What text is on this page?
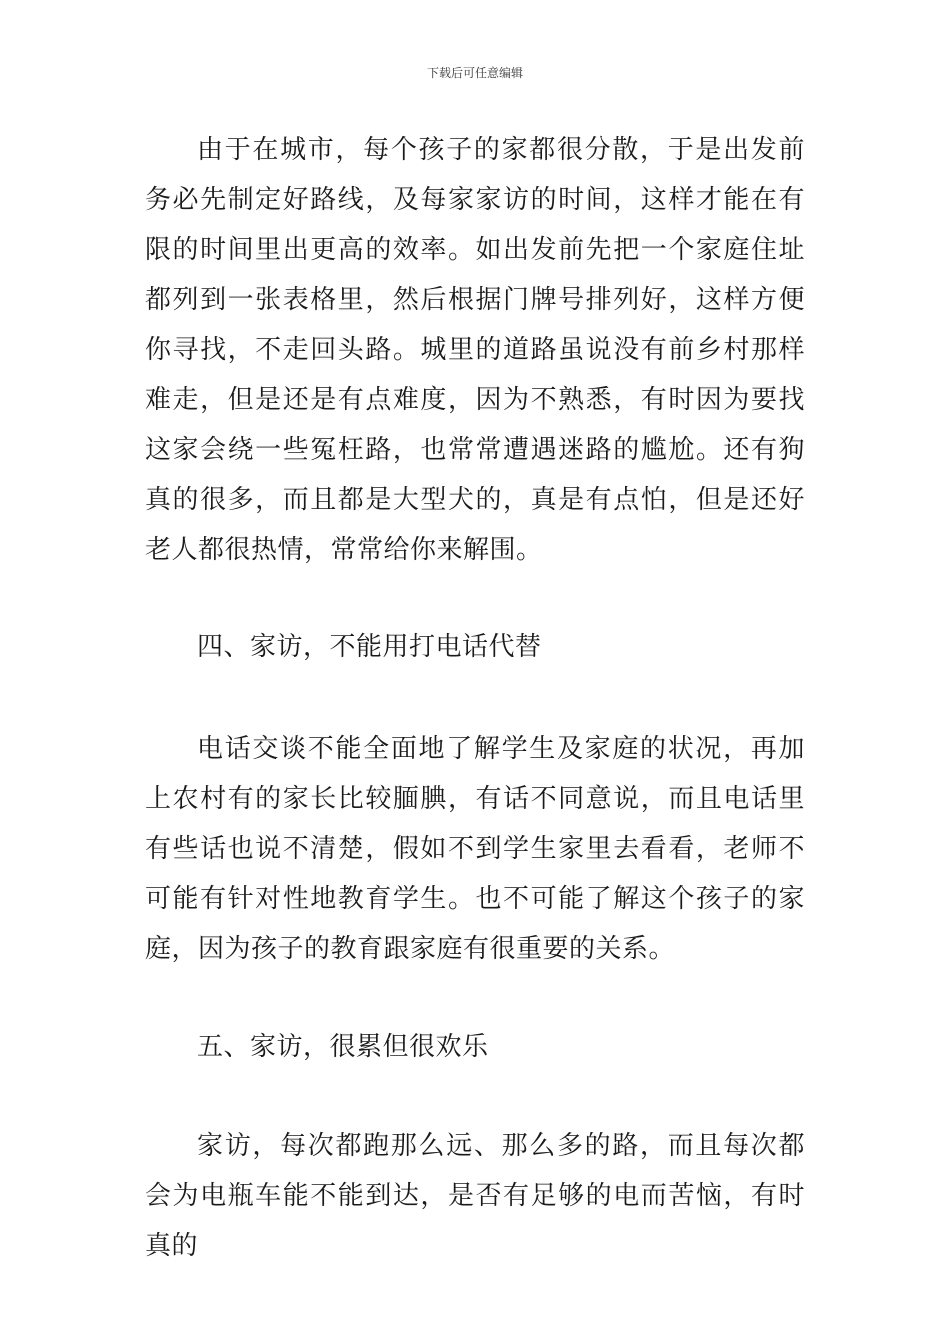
下载后可任意编辑

由于在城市，每个孩子的家都很分散，于是出发前务必先制定好路线，及每家家访的时间，这样才能在有限的时间里出更高的效率。如出发前先把一个家庭住址都列到一张表格里，然后根据门牌号排列好，这样方便你寻找，不走回头路。城里的道路虽说没有前乡村那样难走，但是还是有点难度，因为不熟悉，有时因为要找这家会绕一些冤枉路，也常常遭遇迷路的尴尬。还有狗真的很多，而且都是大型犬的，真是有点怕，但是还好老人都很热情，常常给你来解围。

四、家访，不能用打电话代替

电话交谈不能全面地了解学生及家庭的状况，再加上农村有的家长比较腼腆，有话不同意说，而且电话里有些话也说不清楚，假如不到学生家里去看看，老师不可能有针对性地教育学生。也不可能了解这个孩子的家庭，因为孩子的教育跟家庭有很重要的关系。

五、家访，很累但很欢乐

家访，每次都跑那么远、那么多的路，而且每次都会为电瓶车能不能到达，是否有足够的电而苦恼，有时真的
